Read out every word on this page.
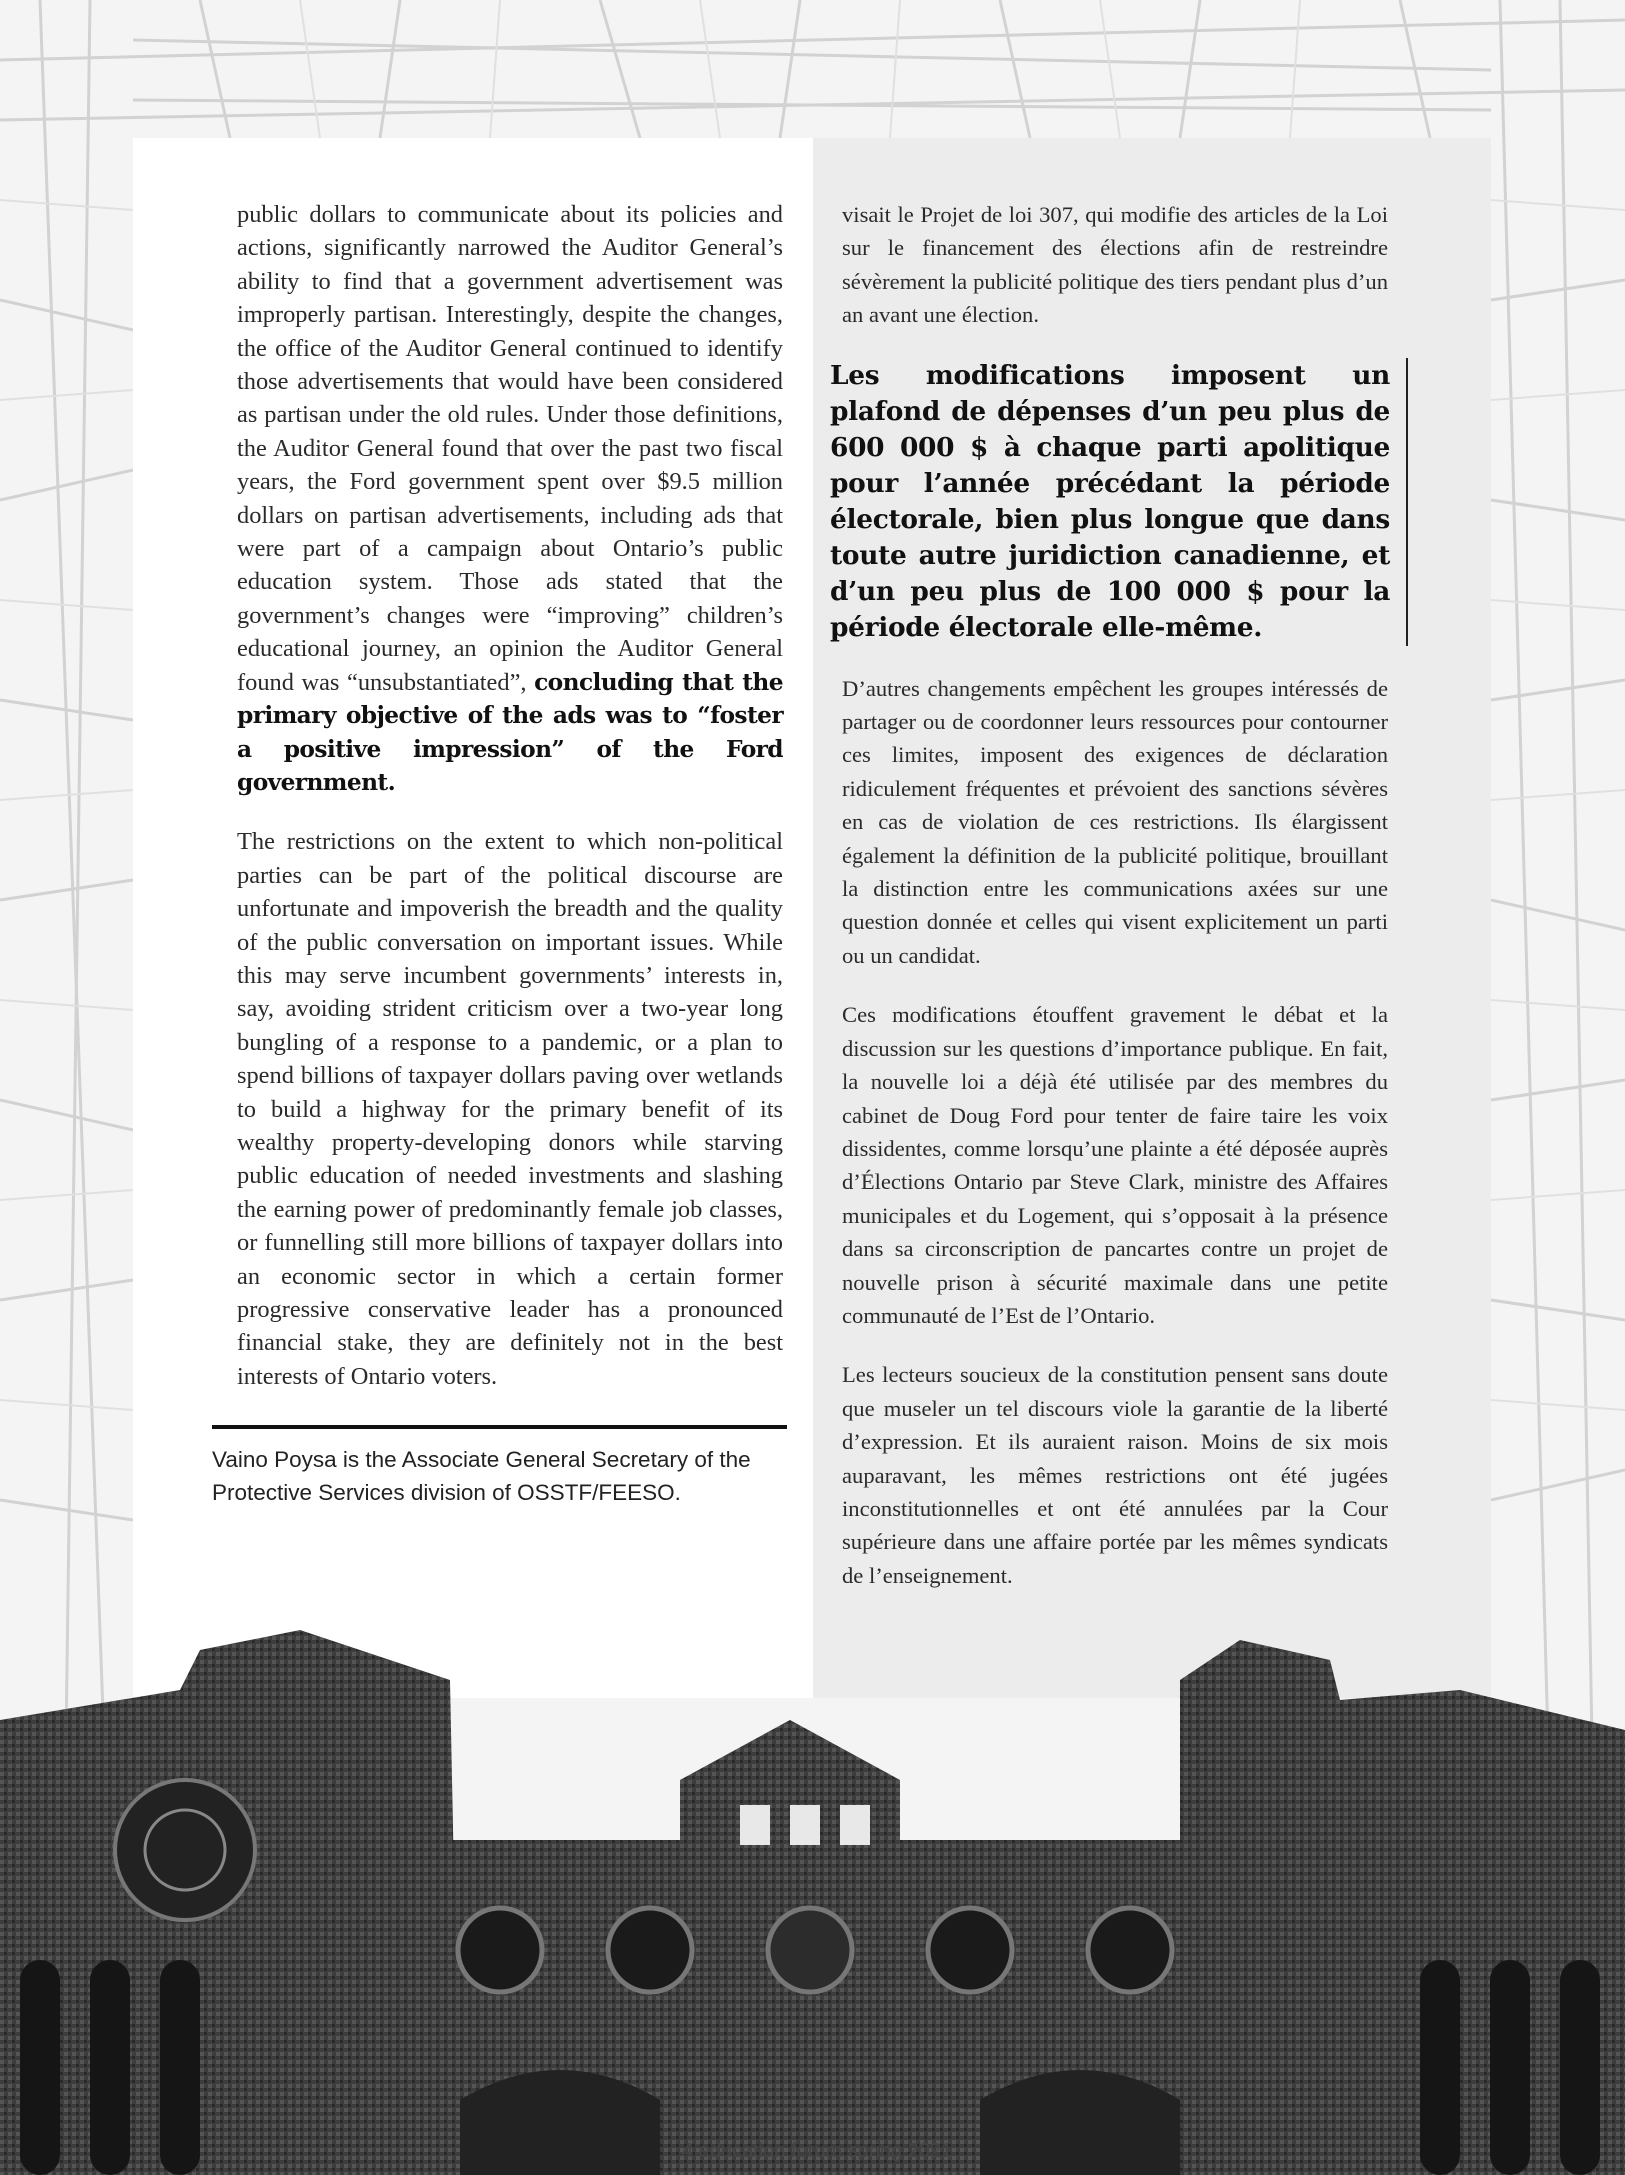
public dollars to communicate about its policies and actions, significantly narrowed the Auditor General’s ability to find that a government advertisement was improperly partisan. Interestingly, despite the changes, the office of the Auditor General continued to identify those advertisements that would have been considered as partisan under the old rules. Under those definitions, the Auditor General found that over the past two fiscal years, the Ford government spent over $9.5 million dollars on partisan advertisements, including ads that were part of a campaign about Ontario’s public education system. Those ads stated that the government’s changes were “improving” children’s educational journey, an opinion the Auditor General found was “unsubstantiated”, concluding that the primary objective of the ads was to “foster a positive impression” of the Ford government.

The restrictions on the extent to which non-political parties can be part of the political discourse are unfortunate and impoverish the breadth and the quality of the public conversation on important issues. While this may serve incumbent governments’ interests in, say, avoiding strident criticism over a two-year long bungling of a response to a pandemic, or a plan to spend billions of taxpayer dollars paving over wetlands to build a highway for the primary benefit of its wealthy property-developing donors while starving public education of needed investments and slashing the earning power of predominantly female job classes, or funnelling still more billions of taxpayer dollars into an economic sector in which a certain former progressive conservative leader has a pronounced financial stake, they are definitely not in the best interests of Ontario voters.

Vaino Poysa is the Associate General Secretary of the Protective Services division of OSSTF/FEESO.

visait le Projet de loi 307, qui modifie des articles de la Loi sur le financement des élections afin de restreindre sévèrement la publicité politique des tiers pendant plus d’un an avant une élection.

Les modifications imposent un plafond de dépenses d’un peu plus de 600 000 $ à chaque parti apolitique pour l’année précédant la période électorale, bien plus longue que dans toute autre juridiction canadienne, et d’un peu plus de 100 000 $ pour la période électorale elle-même.

D’autres changements empêchent les groupes intéressés de partager ou de coordonner leurs ressources pour contourner ces limites, imposent des exigences de déclaration ridiculement fréquentes et prévoient des sanctions sévères en cas de violation de ces restrictions. Ils élargissent également la définition de la publicité politique, brouillant la distinction entre les communications axées sur une question donnée et celles qui visent explicitement un parti ou un candidat.

Ces modifications étouffent gravement le débat et la discussion sur les questions d’importance publique. En fait, la nouvelle loi a déjà été utilisée par des membres du cabinet de Doug Ford pour tenter de faire taire les voix dissidentes, comme lorsqu’une plainte a été déposée auprès d’Élections Ontario par Steve Clark, ministre des Affaires municipales et du Logement, qui s’opposait à la présence dans sa circonscription de pancartes contre un projet de nouvelle prison à sécurité maximale dans une petite communauté de l’Est de l’Ontario.

Les lecteurs soucieux de la constitution pensent sans doute que museler un tel discours viole la garantie de la liberté d’expression. Et ils auraient raison. Moins de six mois auparavant, les mêmes restrictions ont été jugées inconstitutionnelles et ont été annulées par la Cour supérieure dans une affaire portée par les mêmes syndicats de l’enseignement.

4 education forum spring 2021
